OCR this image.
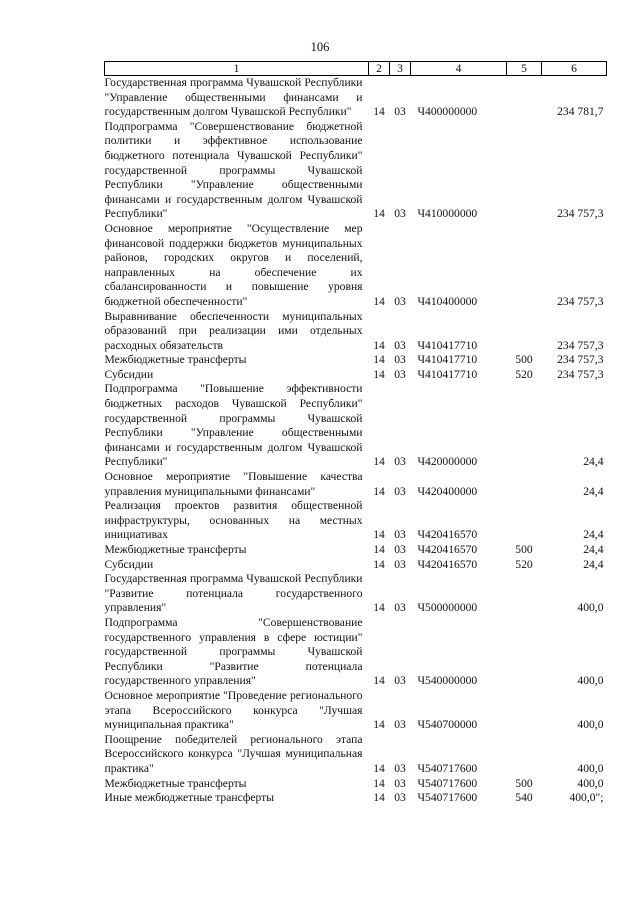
106
1	2	3	4	5	6
Государственная программа Чувашской Республики "Управление общественными финансами и государственным долгом Чувашской Республики"	14	03	Ч400000000		234 781,7
Подпрограмма "Совершенствование бюджетной политики и эффективное использование бюджетного потенциала Чувашской Республики" государственной программы Чувашской Республики "Управление общественными финансами и государственным долгом Чувашской Республики"	14	03	Ч410000000		234 757,3
Основное мероприятие "Осуществление мер финансовой поддержки бюджетов муниципальных районов, городских округов и поселений, направленных на обеспечение их сбалансированности и повышение уровня бюджетной обеспеченности"	14	03	Ч410400000		234 757,3
Выравнивание обеспеченности муниципальных образований при реализации ими отдельных расходных обязательств	14	03	Ч410417710		234 757,3
Межбюджетные трансферты	14	03	Ч410417710	500	234 757,3
Субсидии	14	03	Ч410417710	520	234 757,3
Подпрограмма "Повышение эффективности бюджетных расходов Чувашской Республики" государственной программы Чувашской Республики "Управление общественными финансами и государственным долгом Чувашской Республики"	14	03	Ч420000000		24,4
Основное мероприятие "Повышение качества управления муниципальными финансами"	14	03	Ч420400000		24,4
Реализация проектов развития общественной инфраструктуры, основанных на местных инициативах	14	03	Ч420416570		24,4
Межбюджетные трансферты	14	03	Ч420416570	500	24,4
Субсидии	14	03	Ч420416570	520	24,4
Государственная программа Чувашской Республики "Развитие потенциала государственного управления"	14	03	Ч500000000		400,0
Подпрограмма "Совершенствование государственного управления в сфере юстиции" государственной программы Чувашской Республики "Развитие потенциала государственного управления"	14	03	Ч540000000		400,0
Основное мероприятие "Проведение регионального этапа Всероссийского конкурса "Лучшая муниципальная практика"	14	03	Ч540700000		400,0
Поощрение победителей регионального этапа Всероссийского конкурса "Лучшая муниципальная практика"	14	03	Ч540717600		400,0
Межбюджетные трансферты	14	03	Ч540717600	500	400,0
Иные межбюджетные трансферты	14	03	Ч540717600	540	400,0";
